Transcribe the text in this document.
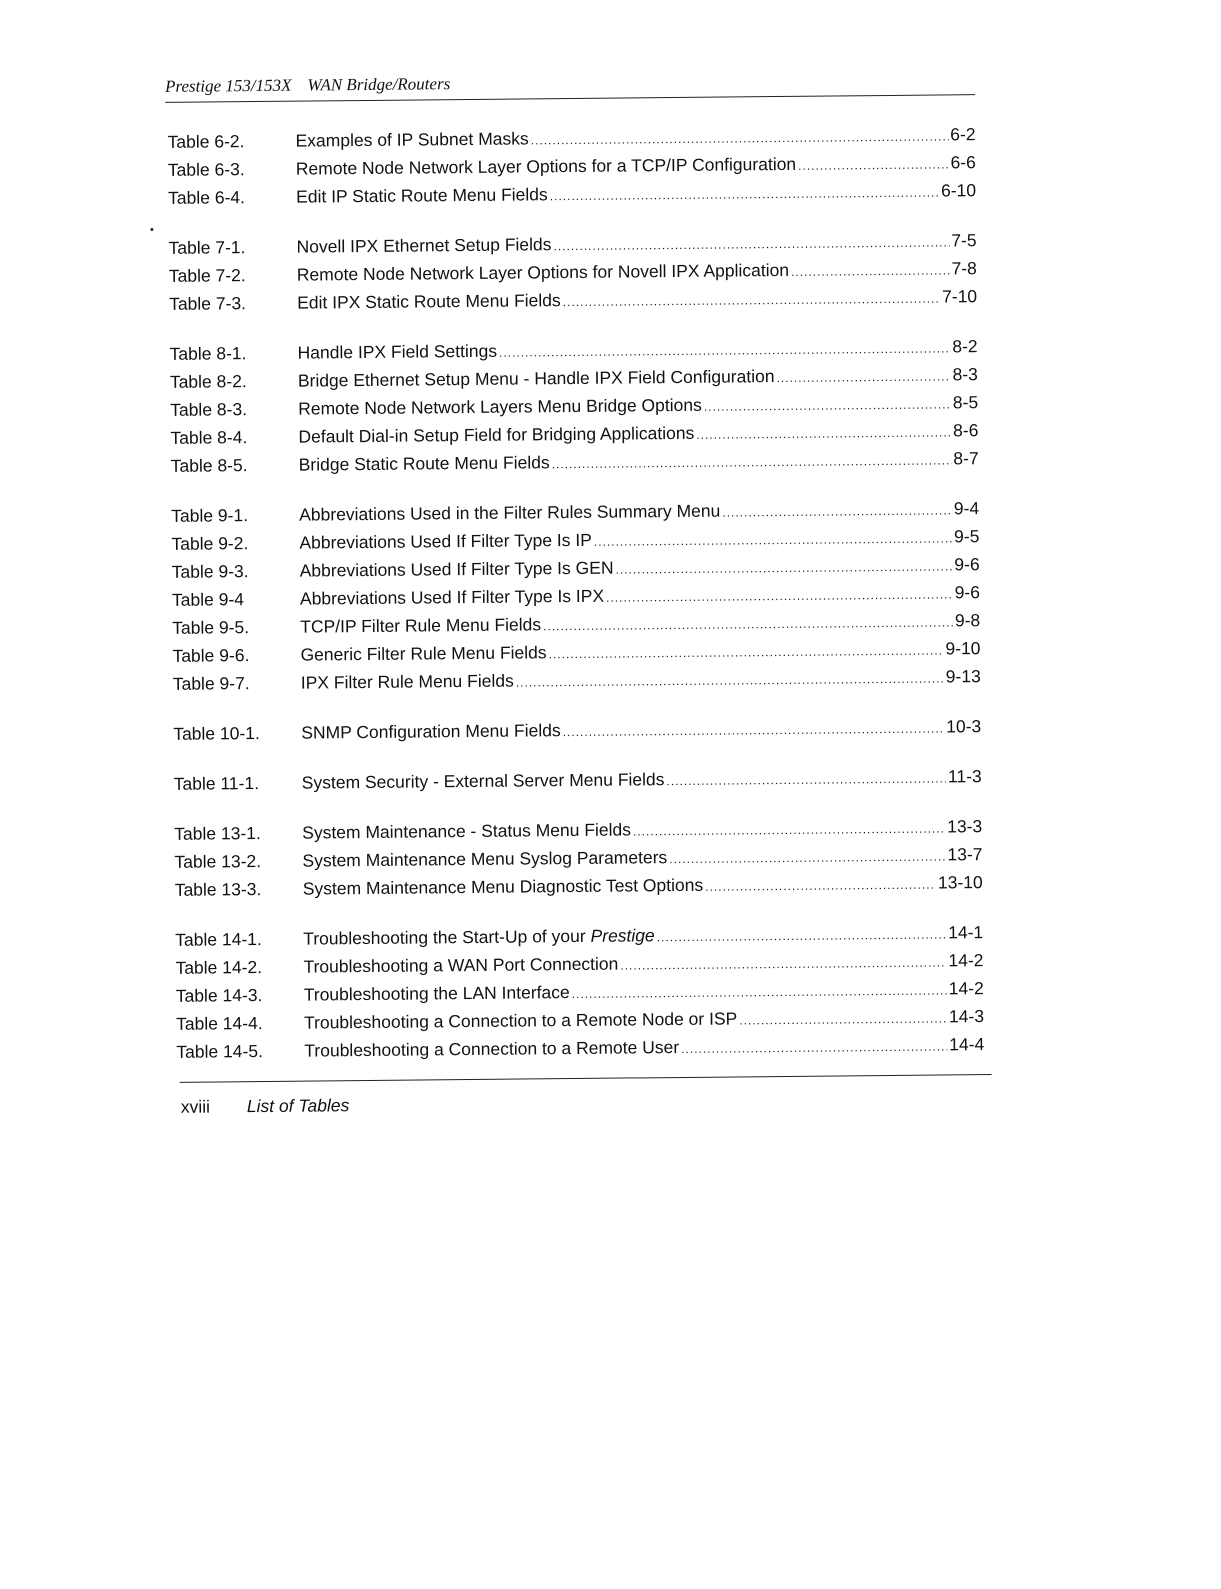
Prestige 153/153X WAN Bridge/Routers
Table 6-2.	Examples of IP Subnet Masks .....	6-2
Table 6-3.	Remote Node Network Layer Options for a TCP/IP Configuration .....	6-6
Table 6-4.	Edit IP Static Route Menu Fields .....	6-10
Table 7-1.	Novell IPX Ethernet Setup Fields .....	7-5
Table 7-2.	Remote Node Network Layer Options for Novell IPX Application .....	7-8
Table 7-3.	Edit IPX Static Route Menu Fields .....	7-10
Table 8-1.	Handle IPX Field Settings .....	8-2
Table 8-2.	Bridge Ethernet Setup Menu - Handle IPX Field Configuration .....	8-3
Table 8-3.	Remote Node Network Layers Menu Bridge Options .....	8-5
Table 8-4.	Default Dial-in Setup Field for Bridging Applications .....	8-6
Table 8-5.	Bridge Static Route Menu Fields .....	8-7
Table 9-1.	Abbreviations Used in the Filter Rules Summary Menu .....	9-4
Table 9-2.	Abbreviations Used If Filter Type Is IP .....	9-5
Table 9-3.	Abbreviations Used If Filter Type Is GEN .....	9-6
Table 9-4	Abbreviations Used If Filter Type Is IPX .....	9-6
Table 9-5.	TCP/IP Filter Rule Menu Fields .....	9-8
Table 9-6.	Generic Filter Rule Menu Fields .....	9-10
Table 9-7.	IPX Filter Rule Menu Fields .....	9-13
Table 10-1.	SNMP Configuration Menu Fields .....	10-3
Table 11-1.	System Security - External Server Menu Fields .....	11-3
Table 13-1.	System Maintenance - Status Menu Fields .....	13-3
Table 13-2.	System Maintenance Menu Syslog Parameters .....	13-7
Table 13-3.	System Maintenance Menu Diagnostic Test Options .....	13-10
Table 14-1.	Troubleshooting the Start-Up of your Prestige .....	14-1
Table 14-2.	Troubleshooting a WAN Port Connection .....	14-2
Table 14-3.	Troubleshooting the LAN Interface .....	14-2
Table 14-4.	Troubleshooting a Connection to a Remote Node or ISP .....	14-3
Table 14-5.	Troubleshooting a Connection to a Remote User .....	14-4
xviii List of Tables
